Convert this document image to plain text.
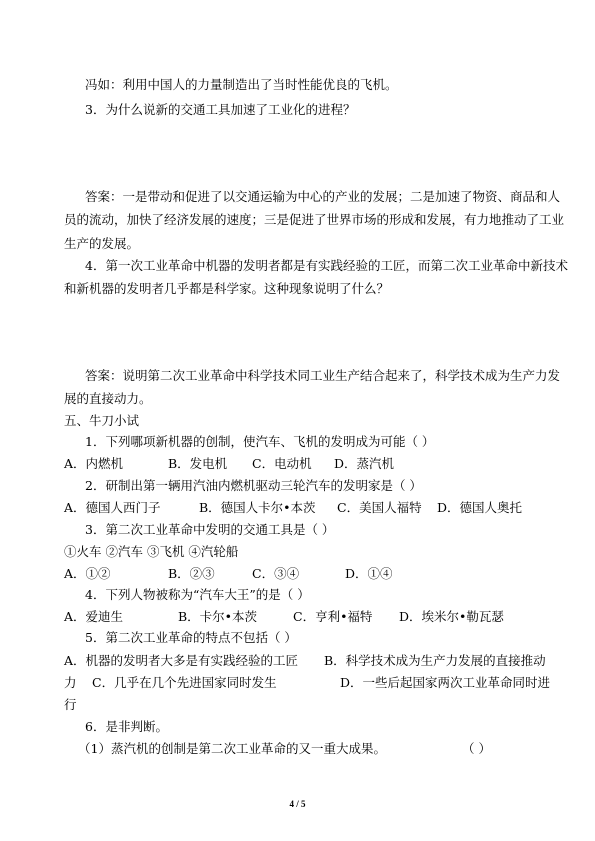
冯如：利用中国人的力量制造出了当时性能优良的飞机。
3．为什么说新的交通工具加速了工业化的进程？
答案：一是带动和促进了以交通运输为中心的产业的发展；二是加速了物资、商品和人
员的流动，加快了经济发展的速度；三是促进了世界市场的形成和发展，有力地推动了工业
生产的发展。
4．第一次工业革命中机器的发明者都是有实践经验的工匠，而第二次工业革命中新技术
和新机器的发明者几乎都是科学家。这种现象说明了什么？
答案：说明第二次工业革命中科学技术同工业生产结合起来了，科学技术成为生产力发
展的直接动力。
五、牛刀小试
1．下列哪项新机器的创制，使汽车、飞机的发明成为可能（ ）
A．内燃机	B．发电机 C．电动机 D．蒸汽机
2．研制出第一辆用汽油内燃机驱动三轮汽车的发明家是（ ）
A．德国人西门子	B．德国人卡尔•本茨 C．美国人福特 D．德国人奥托
3．第二次工业革命中发明的交通工具是（ ）
①火车 ②汽车 ③飞机 ④汽轮船
A．①②	B．②③	C．③④	D．①④
4．下列人物被称为“汽车大王”的是（ ）
A．爱迪生	B．卡尔•本茨	C．亨利•福特 D．埃米尔•勒瓦瑟
5．第二次工业革命的特点不包括（ ）
A．机器的发明者大多是有实践经验的工匠 B．科学技术成为生产力发展的直接推动
力 C．几乎在几个先进国家同时发生	D．一些后起国家两次工业革命同时进
行
6．是非判断。
（1）蒸汽机的创制是第二次工业革命的又一重大成果。	（ ）
4 / 5
